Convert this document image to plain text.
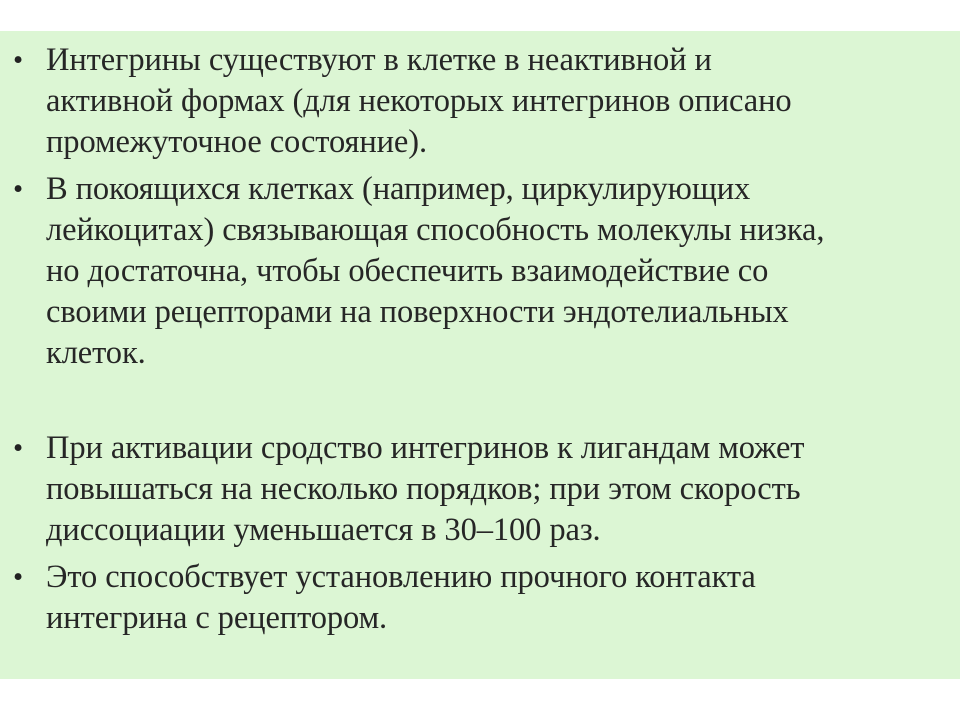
• Интегрины существуют в клетке в неактивной и
активной формах (для некоторых интегринов описано
промежуточное состояние).
• В покоящихся клетках (например, циркулирующих
лейкоцитах) связывающая способность молекулы низка,
но достаточна, чтобы обеспечить взаимодействие со
своими рецепторами на поверхности эндотелиальных
клеток.
• При активации сродство интегринов к лигандам может
повышаться на несколько порядков; при этом скорость
диссоциации уменьшается в 30–100 раз.
• Это способствует установлению прочного контакта
интегрина с рецептором.
